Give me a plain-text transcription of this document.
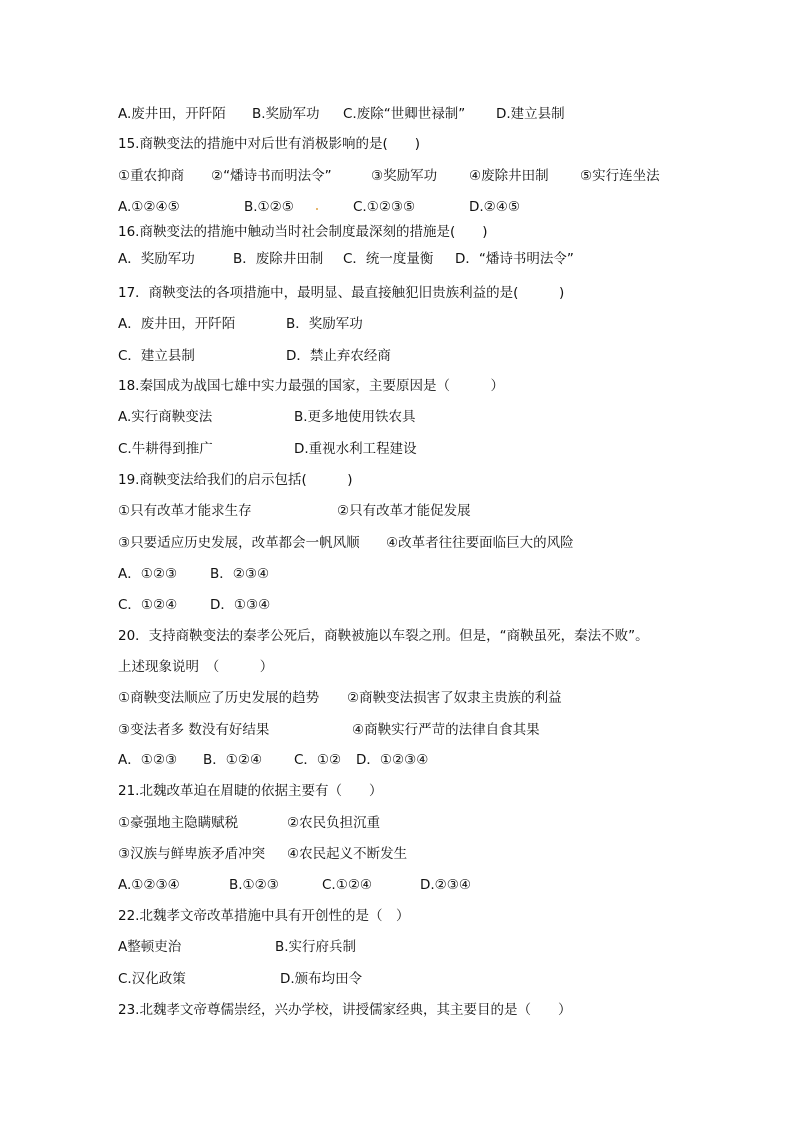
A.废井田，开阡陌 B.奖励军功 C.废除“世卿世禄制” D.建立县制
15.商鞅变法的措施中对后世有消极影响的是(　　)
①重农抑商 ②“燔诗书而明法令”	③奖励军功 ④废除井田制 ⑤实行连坐法
A.①②④⑤	B.①②⑤	C.①②③⑤	D.②④⑤
16.商鞅变法的措施中触动当时社会制度最深刻的措施是(　　)
A．奖励军功	B．废除井田制 C．统一度量衡 D．“燔诗书明法令”
17．商鞅变法的各项措施中，最明显、最直接触犯旧贵族利益的是(　　　)
A．废井田，开阡陌	B．奖励军功
C．建立县制	D．禁止弃农经商
18.秦国成为战国七雄中实力最强的国家，主要原因是（　　　）
A.实行商鞅变法	B.更多地使用铁农具
C.牛耕得到推广	D.重视水利工程建设
19.商鞅变法给我们的启示包括(　　　)
①只有改革才能求生存	②只有改革才能促发展
③只要适应历史发展，改革都会一帆风顺 ④改革者往往要面临巨大的风险
A．①②③ B．②③④
C．①②④ D．①③④
20．支持商鞅变法的秦孝公死后，商鞅被施以车裂之刑。但是，“商鞅虽死，秦法不败”。
上述现象说明　（　　　）
①商鞅变法顺应了历史发展的趋势 ②商鞅变法损害了奴隶主贵族的利益
③变法者多 数没有好结果	④商鞅实行严苛的法律自食其果
A．①②③ B．①②④ C．①② D．①②③④
21.北魏改革迫在眉睫的依据主要有（　　）
①豪强地主隐瞒赋税	②农民负担沉重
③汉族与鲜卑族矛盾冲突 ④农民起义不断发生
A.①②③④	B.①②③	C.①②④	D.②③④
22.北魏孝文帝改革措施中具有开创性的是（　）
A整顿吏治	B.实行府兵制
C.汉化政策	D.颁布均田令
23.北魏孝文帝尊儒崇经，兴办学校，讲授儒家经典，其主要目的是（　　）
